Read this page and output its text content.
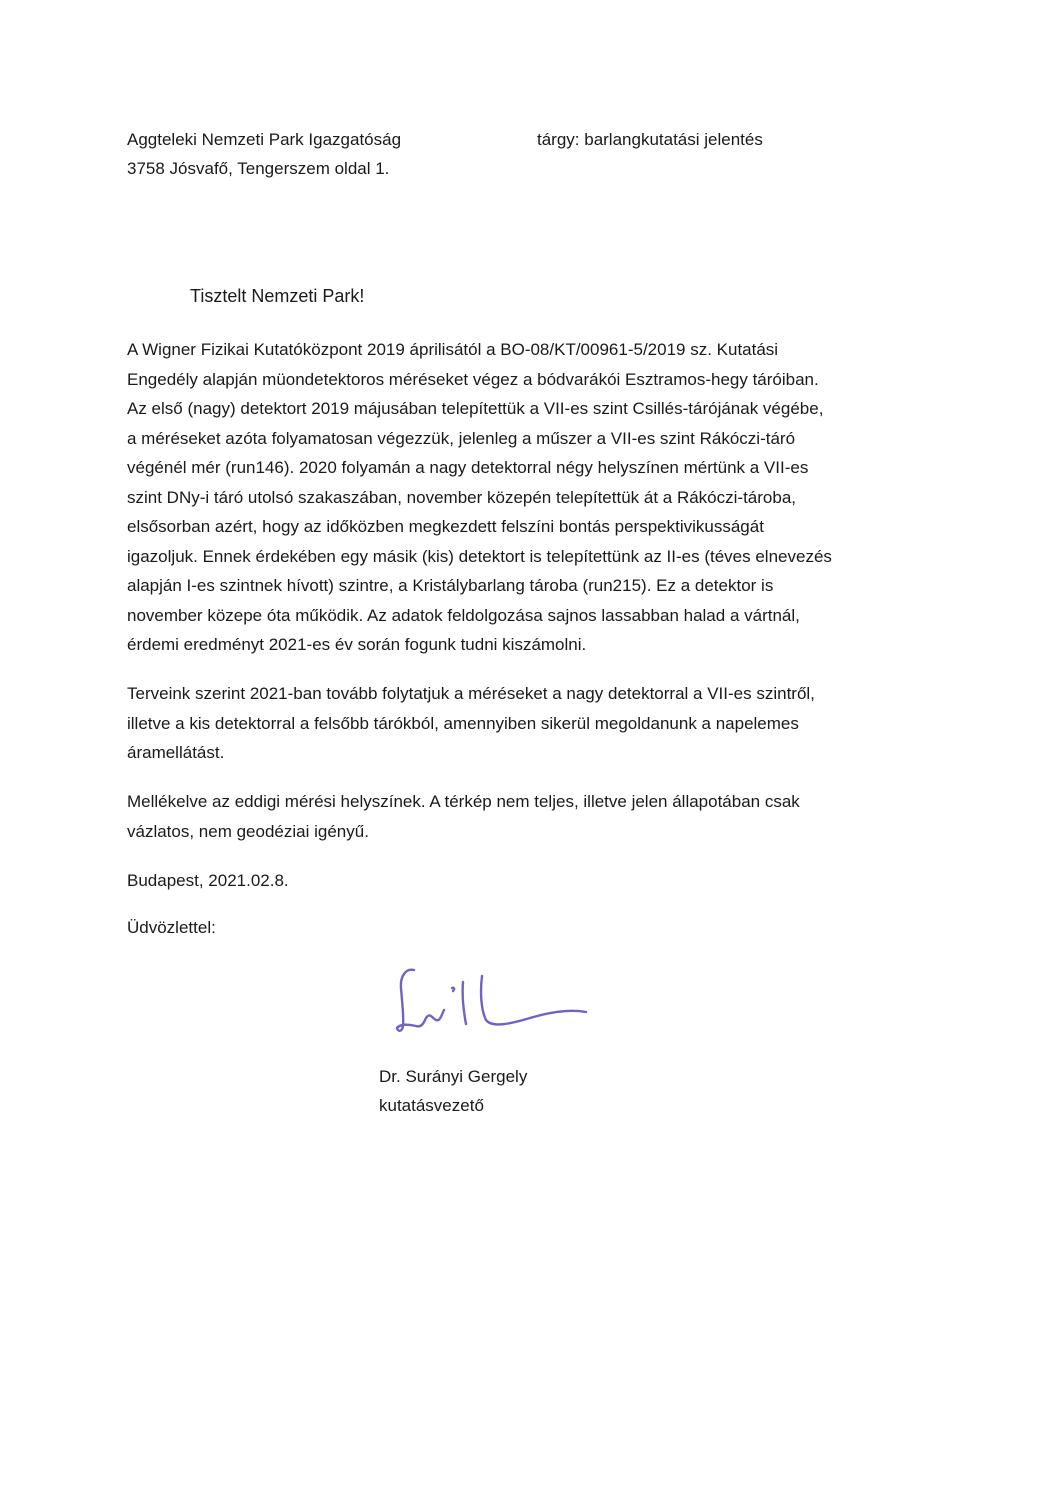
Aggteleki Nemzeti Park Igazgatóság
3758 Jósvafő, Tengerszem oldal 1.
tárgy: barlangkutatási jelentés
Tisztelt Nemzeti Park!
A Wigner Fizikai Kutatóközpont 2019 áprilisától a BO-08/KT/00961-5/2019 sz. Kutatási
Engedély alapján müondetektoros méréseket végez a bódvarákói Esztramos-hegy táróiban.
Az első (nagy) detektort 2019 májusában telepítettük a VII-es szint Csillés-tárójának végébe,
a méréseket azóta folyamatosan végezzük, jelenleg a műszer a VII-es szint Rákóczi-táró
végénél mér (run146). 2020 folyamán a nagy detektorral négy helyszínen mértünk a VII-es
szint DNy-i táró utolsó szakaszában, november közepén telepítettük át a Rákóczi-tároba,
elsősorban azért, hogy az időközben megkezdett felszíni bontás perspektivikusságát
igazoljuk. Ennek érdekében egy másik (kis) detektort is telepítettünk az II-es (téves elnevezés
alapján I-es szintnek hívott) szintre, a Kristálybarlang tároba (run215). Ez a detektor is
november közepe óta működik. Az adatok feldolgozása sajnos lassabban halad a vártnál,
érdemi eredményt 2021-es év során fogunk tudni kiszámolni.
Terveink szerint 2021-ban tovább folytatjuk a méréseket a nagy detektorral a VII-es szintről,
illetve a kis detektorral a felsőbb tárókból, amennyiben sikerül megoldanunk a napelemes
áramellátást.
Mellékelve az eddigi mérési helyszínek. A térkép nem teljes, illetve jelen állapotában csak
vázlatos, nem geodéziai igényű.
Budapest, 2021.02.8.
Üdvözlettel:
Dr. Surányi Gergely
kutatásvezető
